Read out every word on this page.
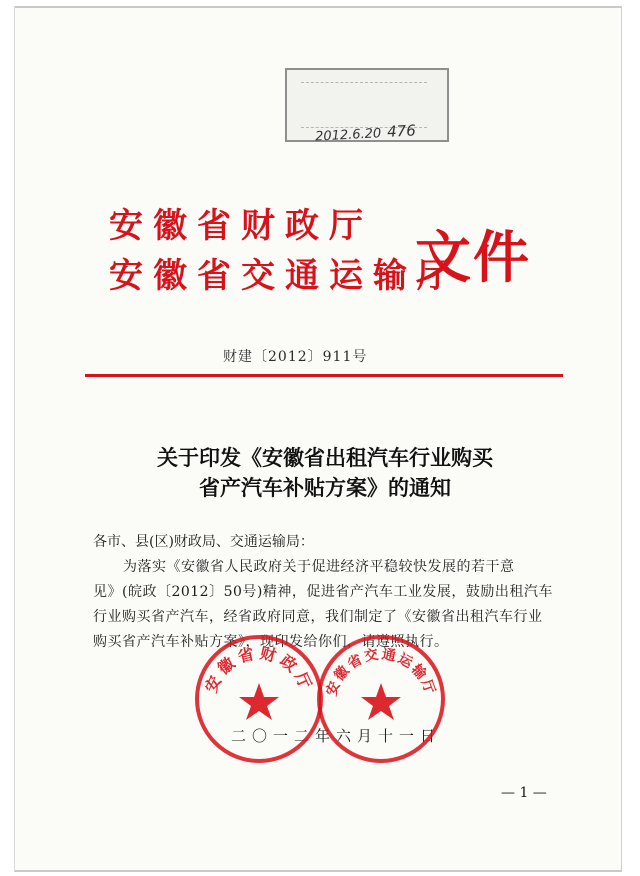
2012.6.20 476
安徽省财政厅
安徽省交通运输厅
文件
财建〔2012〕911号
关于印发《安徽省出租汽车行业购买
省产汽车补贴方案》的通知
各市、县(区)财政局、交通运输局：
为落实《安徽省人民政府关于促进经济平稳较快发展的若干意
见》(皖政〔2012〕50号)精神，促进省产汽车工业发展，鼓励出租汽车
行业购买省产汽车，经省政府同意，我们制定了《安徽省出租汽车行业
购买省产汽车补贴方案》，现印发给你们，请遵照执行。
二〇一二年六月十一日
安徽省财政厅 安徽省交通运输厅
— 1 —
